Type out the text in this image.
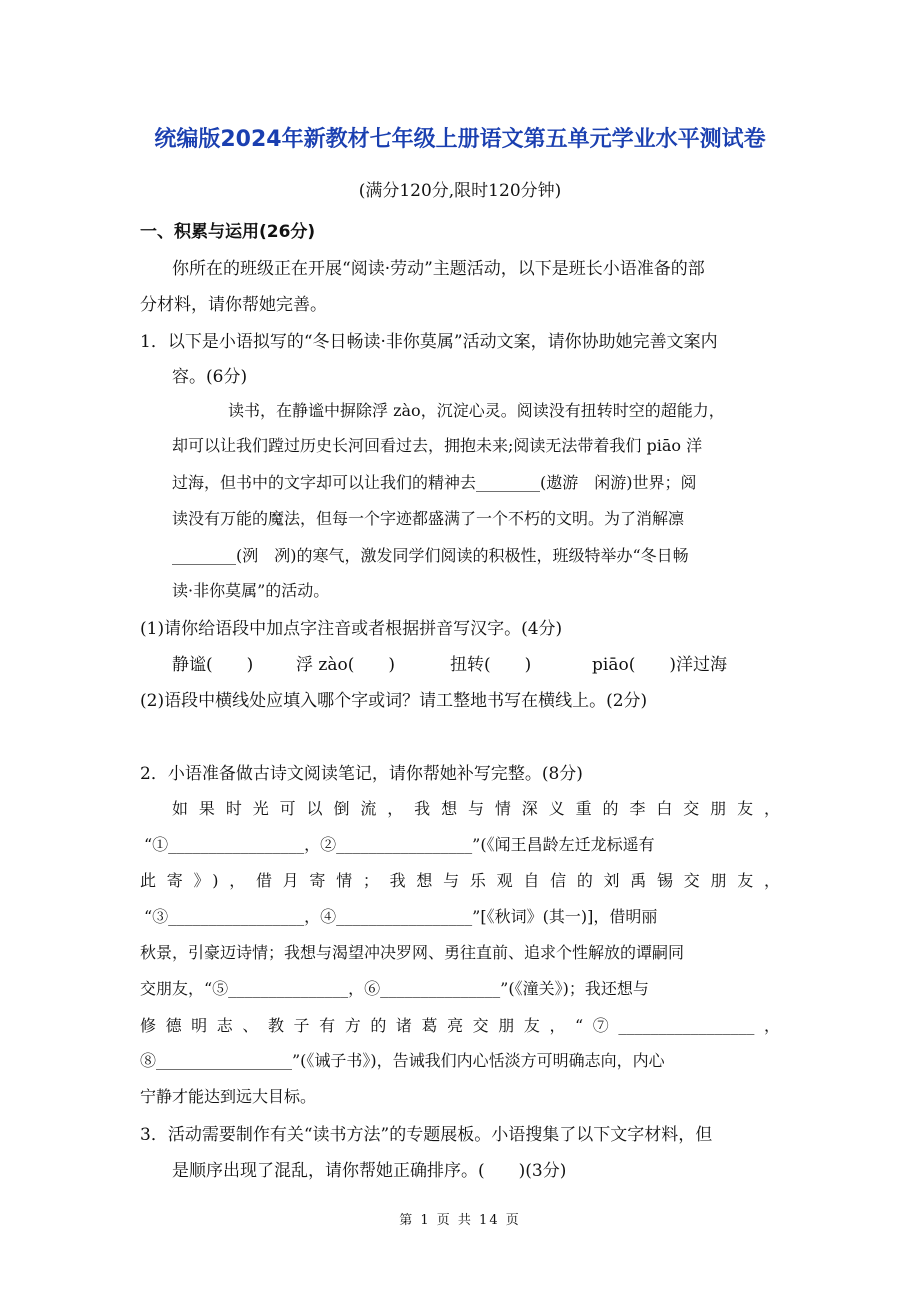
统编版2024年新教材七年级上册语文第五单元学业水平测试卷
(满分120分,限时120分钟)
一、积累与运用(26分)
你所在的班级正在开展“阅读·劳动”主题活动，以下是班长小语准备的部
分材料，请你帮她完善。
1．以下是小语拟写的“冬日畅读·非你莫属”活动文案，请你协助她完善文案内
容。(6分)
读书，在静谧中摒除浮 zào，沉淀心灵。阅读没有扭转时空的超能力，
却可以让我们蹚过历史长河回看过去，拥抱未来;阅读无法带着我们 piāo 洋
过海，但书中的文字却可以让我们的精神去________(遨游　闲游)世界；阅
读没有万能的魔法，但每一个字迹都盛满了一个不朽的文明。为了消解凛
________(洌　冽)的寒气，激发同学们阅读的积极性，班级特举办“冬日畅
读·非你莫属”的活动。
(1)请你给语段中加点字注音或者根据拼音写汉字。(4分)
静谧(　　)	浮 zào(　　)	扭转(　　)	piāo(　　)洋过海
(2)语段中横线处应填入哪个字或词？请工整地书写在横线上。(2分)
2．小语准备做古诗文阅读笔记，请你帮她补写完整。(8分)
如果时光可以倒流，我想与情深义重的李白交朋友，
“①_________________，②_________________”(《闻王昌龄左迁龙标遥有
此寄》)，借月寄情；我想与乐观自信的刘禹锡交朋友，
“③_________________，④_________________”[《秋词》(其一)]，借明丽
秋景，引豪迈诗情；我想与渴望冲决罗网、勇往直前、追求个性解放的谭嗣同
交朋友，“⑤_______________，⑥_______________”(《潼关》)；我还想与
修德明志、教子有方的诸葛亮交朋友，“⑦_________________，
⑧_________________”(《诫子书》)，告诫我们内心恬淡方可明确志向，内心
宁静才能达到远大目标。
3．活动需要制作有关“读书方法”的专题展板。小语搜集了以下文字材料，但
是顺序出现了混乱，请你帮她正确排序。(　　)(3分)
第 1 页 共 14 页
